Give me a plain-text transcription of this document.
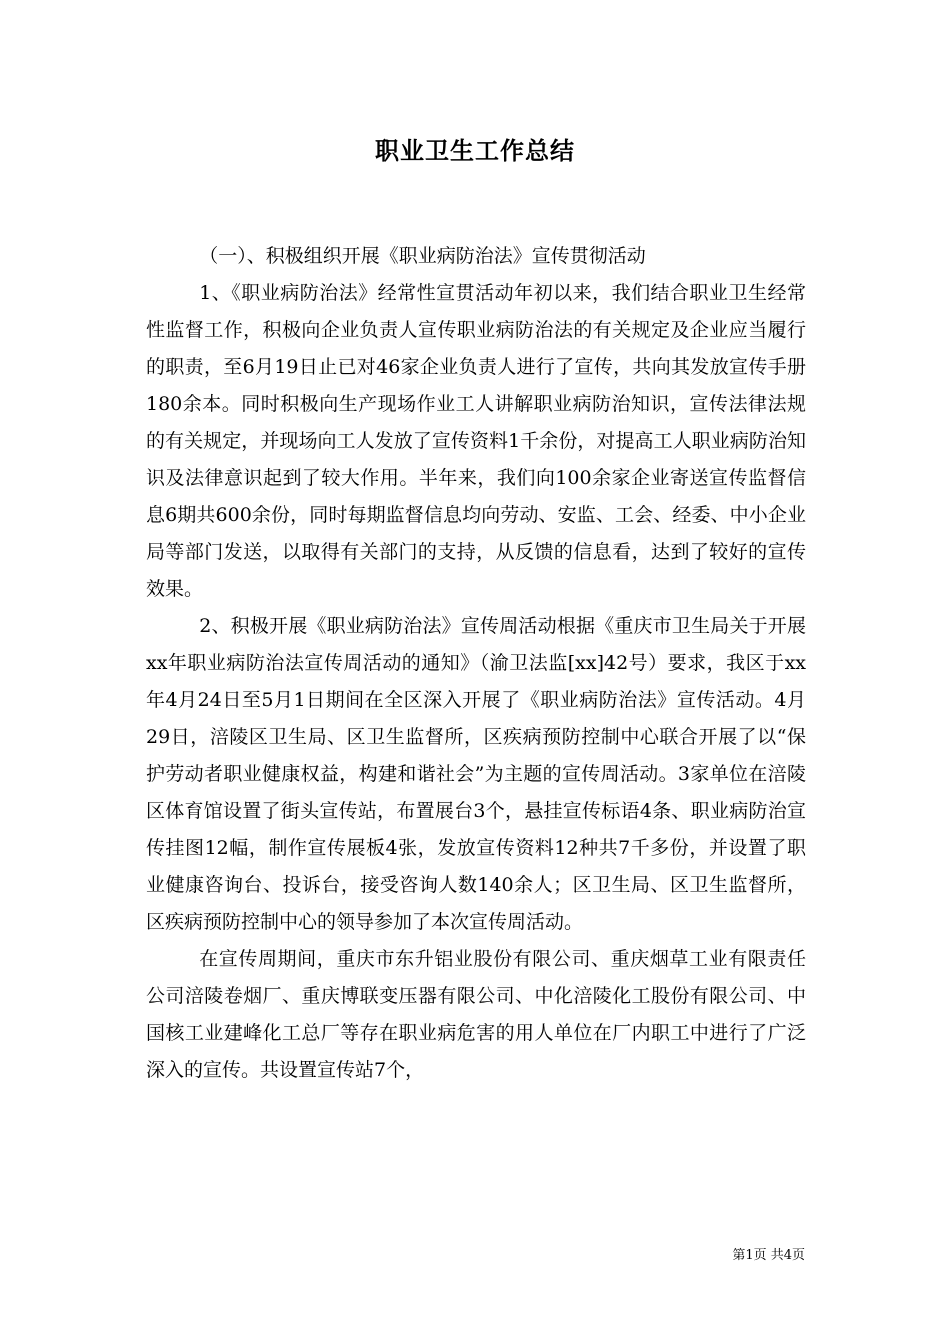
职业卫生工作总结

（一）、积极组织开展《职业病防治法》宣传贯彻活动

1、《职业病防治法》经常性宣贯活动年初以来，我们结合职业卫生经常性监督工作，积极向企业负责人宣传职业病防治法的有关规定及企业应当履行的职责，至6月19日止已对46家企业负责人进行了宣传，共向其发放宣传手册180余本。同时积极向生产现场作业工人讲解职业病防治知识，宣传法律法规的有关规定，并现场向工人发放了宣传资料1千余份，对提高工人职业病防治知识及法律意识起到了较大作用。半年来，我们向100余家企业寄送宣传监督信息6期共600余份，同时每期监督信息均向劳动、安监、工会、经委、中小企业局等部门发送，以取得有关部门的支持，从反馈的信息看，达到了较好的宣传效果。

2、积极开展《职业病防治法》宣传周活动根据《重庆市卫生局关于开展xx年职业病防治法宣传周活动的通知》（渝卫法监[xx]42号）要求，我区于xx年4月24日至5月1日期间在全区深入开展了《职业病防治法》宣传活动。4月29日，涪陵区卫生局、区卫生监督所，区疾病预防控制中心联合开展了以“保护劳动者职业健康权益，构建和谐社会”为主题的宣传周活动。3家单位在涪陵区体育馆设置了街头宣传站，布置展台3个，悬挂宣传标语4条、职业病防治宣传挂图12幅，制作宣传展板4张，发放宣传资料12种共7千多份，并设置了职业健康咨询台、投诉台，接受咨询人数140余人；区卫生局、区卫生监督所，区疾病预防控制中心的领导参加了本次宣传周活动。

在宣传周期间，重庆市东升铝业股份有限公司、重庆烟草工业有限责任公司涪陵卷烟厂、重庆博联变压器有限公司、中化涪陵化工股份有限公司、中国核工业建峰化工总厂等存在职业病危害的用人单位在厂内职工中进行了广泛深入的宣传。共设置宣传站7个，

第1页 共4页
